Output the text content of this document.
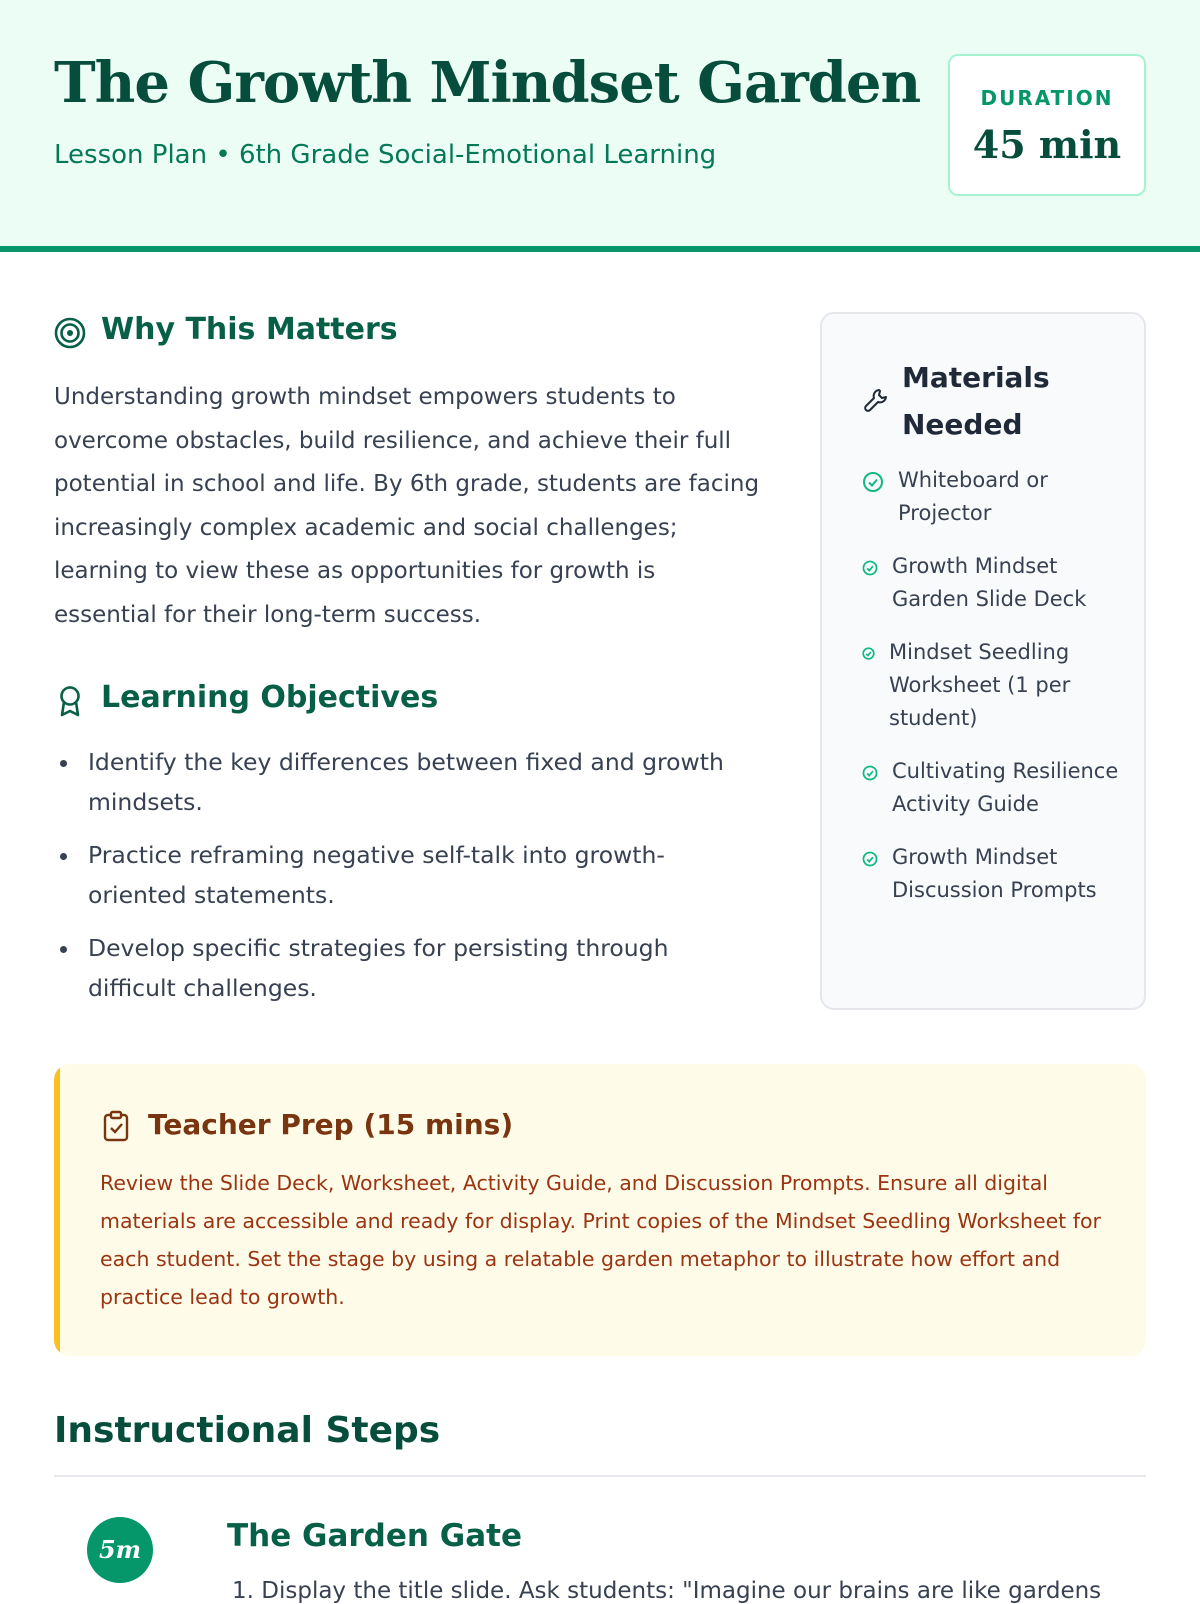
The Growth Mindset Garden
Lesson Plan • 6th Grade Social-Emotional Learning
DURATION
45 min
Why This Matters
Understanding growth mindset empowers students to overcome obstacles, build resilience, and achieve their full potential in school and life. By 6th grade, students are facing increasingly complex academic and social challenges; learning to view these as opportunities for growth is essential for their long-term success.
Learning Objectives
Identify the key differences between fixed and growth mindsets.
Practice reframing negative self-talk into growth-oriented statements.
Develop specific strategies for persisting through difficult challenges.
Materials Needed
Whiteboard or Projector
Growth Mindset Garden Slide Deck
Mindset Seedling Worksheet (1 per student)
Cultivating Resilience Activity Guide
Growth Mindset Discussion Prompts
Teacher Prep (15 mins)
Review the Slide Deck, Worksheet, Activity Guide, and Discussion Prompts. Ensure all digital materials are accessible and ready for display. Print copies of the Mindset Seedling Worksheet for each student. Set the stage by using a relatable garden metaphor to illustrate how effort and practice lead to growth.
Instructional Steps
5m	The Garden Gate
1. Display the title slide. Ask students: "Imagine our brains are like gardens
